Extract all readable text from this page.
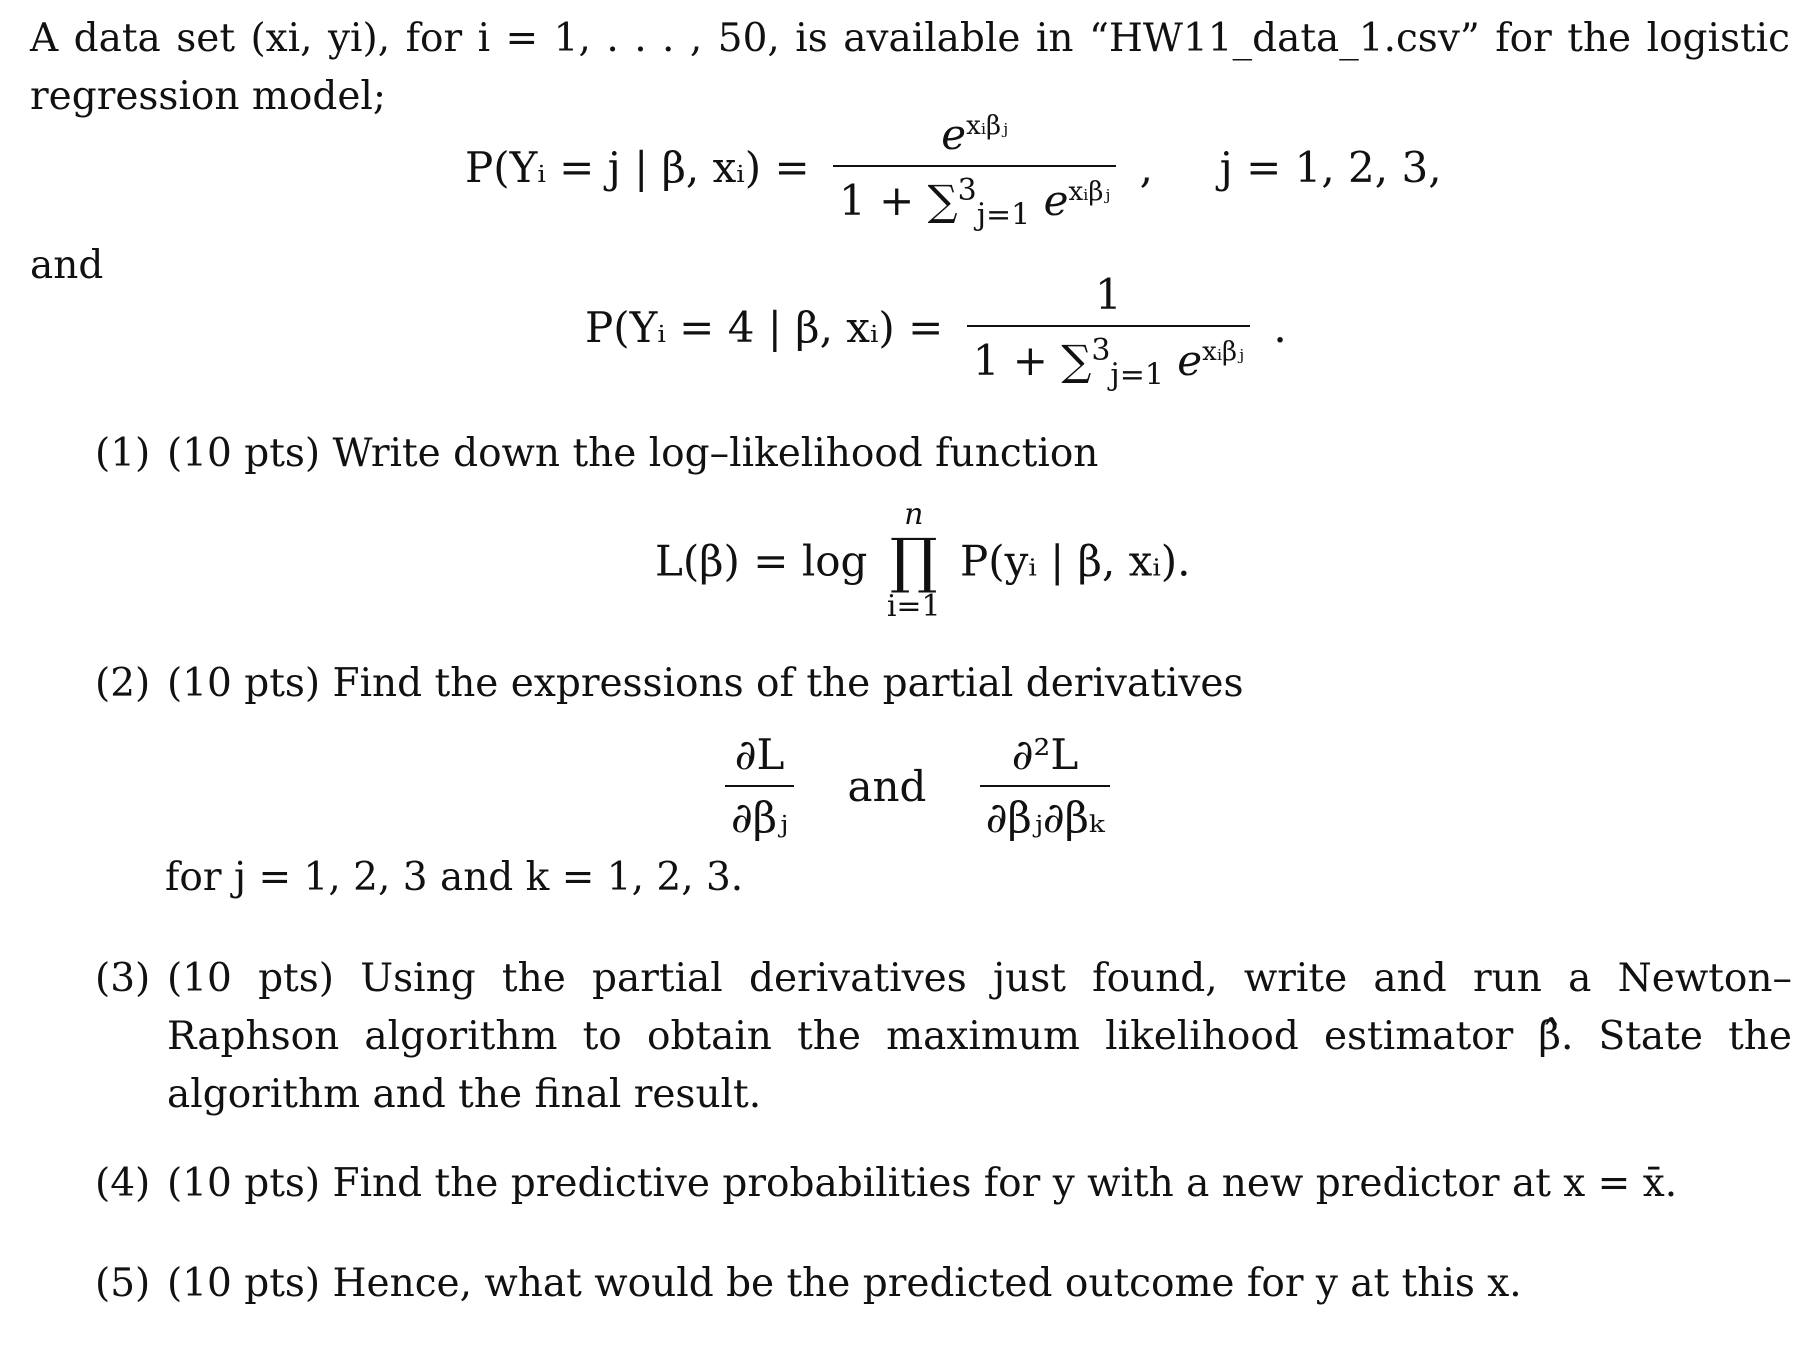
A data set (xi, yi), for i = 1, . . . , 50, is available in “HW11_data_1.csv” for the logistic regression model;
P(Yᵢ = j | β, xᵢ) = $\frac{e^{xᵢ\beta ⱼ}}{1 + \sum^3_{j=1} e^{xᵢ\beta ⱼ}}$ ,     j = 1, 2, 3,
and
P(Yᵢ = 4 | β, xᵢ) = $\frac{1}{1 + \sum^3_{j=1} e^{xᵢ\beta ⱼ}}$ .
(1) (10 pts) Write down the log–likelihood function
L(β) = log
n
∏
i=1
P(yᵢ | β, xᵢ).
(2) (10 pts) Find the expressions of the partial derivatives
$\frac{\partial L}{\text{∂βⱼ}}$ and $\frac{\text{∂²L}}{\text{∂βⱼ∂βₖ}}$
for j = 1, 2, 3 and k = 1, 2, 3.
(3) (10 pts) Using the partial derivatives just found, write and run a Newton–Raphson algorithm to obtain the maximum likelihood estimator β̂. State the algorithm and the final result.
(4) (10 pts) Find the predictive probabilities for y with a new predictor at x = x̄.
(5) (10 pts) Hence, what would be the predicted outcome for y at this x.
A data set (x (xᵢ, yᵢ) , for i = 1, . . . , 50, is available in “HW11_data_1.csv” for the logistic regression model;
